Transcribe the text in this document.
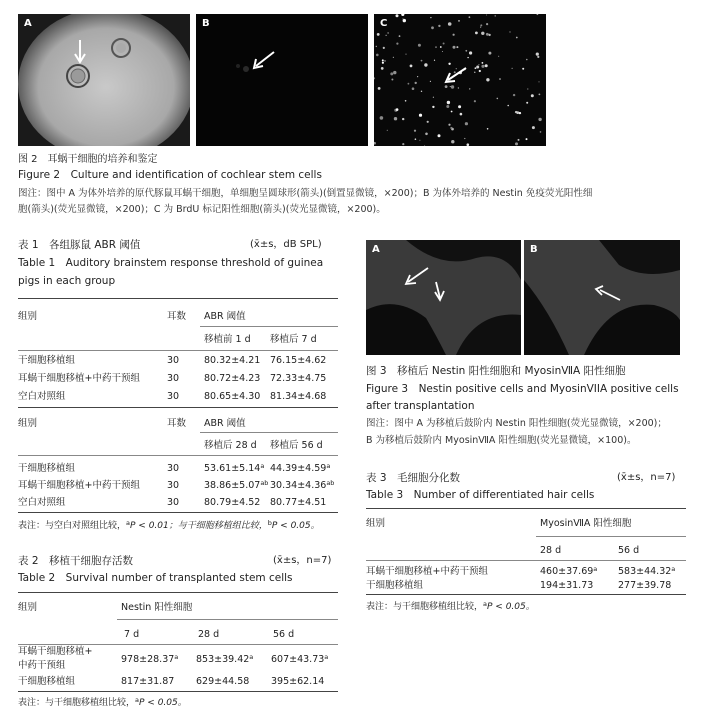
A	B	C
图 2　耳蜗干细胞的培养和鉴定
Figure 2　Culture and identification of cochlear stem cells
图注：图中 A 为体外培养的原代豚鼠耳蜗干细胞，单细胞呈圆球形(箭头)(倒置显微镜，×200)；B 为体外培养的 Nestin 免疫荧光阳性细
胞(箭头)(荧光显微镜，×200)；C 为 BrdU 标记阳性细胞(箭头)(荧光显微镜，×200)。
表 1　各组豚鼠 ABR 阈值	(x̄±s，dB SPL)
Table 1　Auditory brainstem response threshold of guinea
pigs in each group
组别	耳数 ABR 阈值
移植前 1 d 移植后 7 d
干细胞移植组	30	80.32±4.21 76.15±4.62
耳蜗干细胞移植+中药干预组	30	80.72±4.23 72.33±4.75
空白对照组	30	80.65±4.30 81.34±4.68
组别	耳数 ABR 阈值
移植后 28 d 移植后 56 d
干细胞移植组	30	53.61±5.14$^a$ 44.39±4.59$^a$
耳蜗干细胞移植+中药干预组	30	38.86±5.07$^{ab}$ 30.34±4.36$^{ab}$
空白对照组	30	80.79±4.52 80.77±4.51
表注：与空白对照组比较，$^a$P < 0.01；与干细胞移植组比较，$^b$P < 0.05。
表 2　移植干细胞存活数	(x̄±s，n=7)
Table 2　Survival number of transplanted stem cells
组别	Nestin 阳性细胞
7 d	28 d	56 d
耳蜗干细胞移植+
中药干预组
978±28.37$^a$ 853±39.42$^a$ 607±43.73$^a$
干细胞移植组	817±31.87 629±44.58 395±62.14
表注：与干细胞移植组比较，$^a$P < 0.05。
A	B
图 3　移植后 Nestin 阳性细胞和 MyosinⅦA 阳性细胞
Figure 3　Nestin positive cells and MyosinVIIA positive cells
after transplantation
图注：图中 A 为移植后鼓阶内 Nestin 阳性细胞(荧光显微镜，×200)；
B 为移植后鼓阶内 MyosinⅦA 阳性细胞(荧光显微镜，×100)。
表 3　毛细胞分化数	(x̄±s，n=7)
Table 3　Number of differentiated hair cells
组别	MyosinⅦA 阳性细胞
28 d	56 d
耳蜗干细胞移植+中药干预组	460±37.69$^a$ 583±44.32$^a$
干细胞移植组	194±31.73	277±39.78
表注：与干细胞移植组比较，$^a$P < 0.05。
